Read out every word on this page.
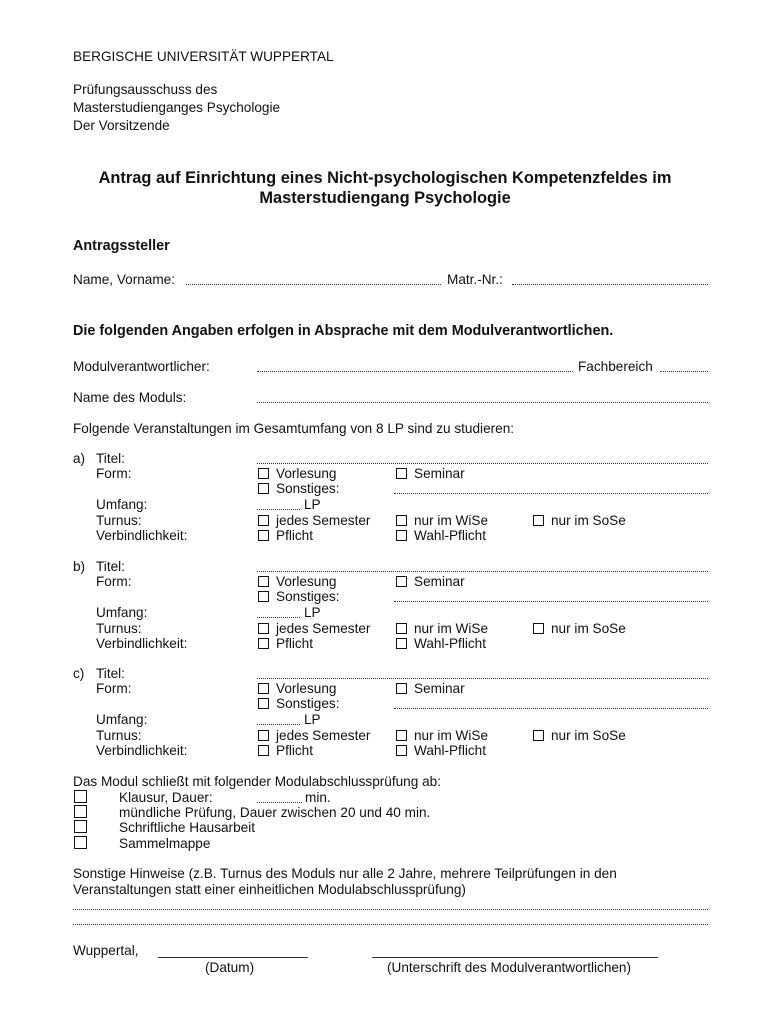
BERGISCHE UNIVERSITÄT WUPPERTAL
Prüfungsausschuss des
Masterstudienganges Psychologie
Der Vorsitzende
Antrag auf Einrichtung eines Nicht-psychologischen Kompetenzfeldes im
Masterstudiengang Psychologie
Antragssteller
Name, Vorname:	Matr.-Nr.:
Die folgenden Angaben erfolgen in Absprache mit dem Modulverantwortlichen.
Modulverantwortlicher:	Fachbereich
Name des Moduls:
Folgende Veranstaltungen im Gesamtumfang von 8 LP sind zu studieren:
a) Titel:
Form:	Vorlesung	Seminar
Sonstiges:
Umfang:	LP
Turnus:	jedes Semester	nur im WiSe	nur im SoSe
Verbindlichkeit:	Pflicht	Wahl-Pflicht
b) Titel:
Form:	Vorlesung	Seminar
Sonstiges:
Umfang:	LP
Turnus:	jedes Semester	nur im WiSe	nur im SoSe
Verbindlichkeit:	Pflicht	Wahl-Pflicht
c) Titel:
Form:	Vorlesung	Seminar
Sonstiges:
Umfang:	LP
Turnus:	jedes Semester	nur im WiSe	nur im SoSe
Verbindlichkeit:	Pflicht	Wahl-Pflicht
Das Modul schließt mit folgender Modulabschlussprüfung ab:
Klausur, Dauer:	min.
mündliche Prüfung, Dauer zwischen 20 und 40 min.
Schriftliche Hausarbeit
Sammelmappe
Sonstige Hinweise (z.B. Turnus des Moduls nur alle 2 Jahre, mehrere Teilprüfungen in den
Veranstaltungen statt einer einheitlichen Modulabschlussprüfung)
Wuppertal,
(Datum)	(Unterschrift des Modulverantwortlichen)
